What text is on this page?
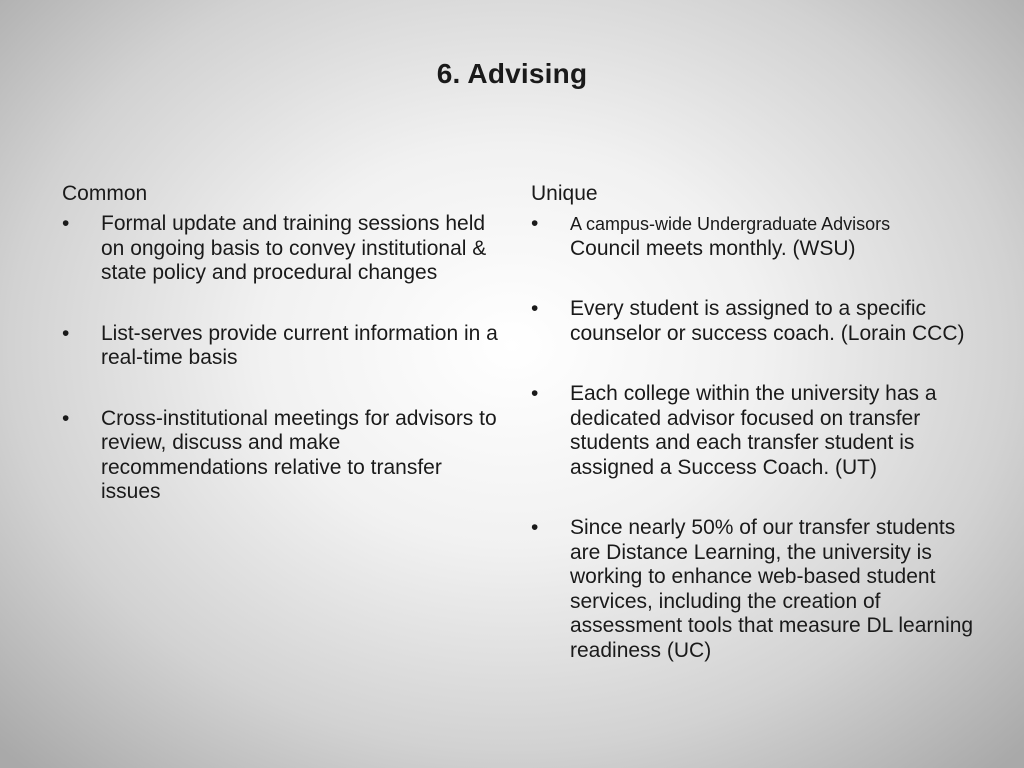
6. Advising
Common
• Formal update and training sessions held on ongoing basis to convey institutional & state policy and procedural changes
• List-serves provide current information in a real-time basis
• Cross-institutional meetings for advisors to review, discuss and make recommendations relative to transfer issues
Unique
• A campus-wide Undergraduate Advisors
Council meets monthly. (WSU)
• Every student is assigned to a specific counselor or success coach. (Lorain CCC)
• Each college within the university has a dedicated advisor focused on transfer students and each transfer student is assigned a Success Coach. (UT)
• Since nearly 50% of our transfer students are Distance Learning, the university is working to enhance web-based student services, including the creation of assessment tools that measure DL learning readiness (UC)
